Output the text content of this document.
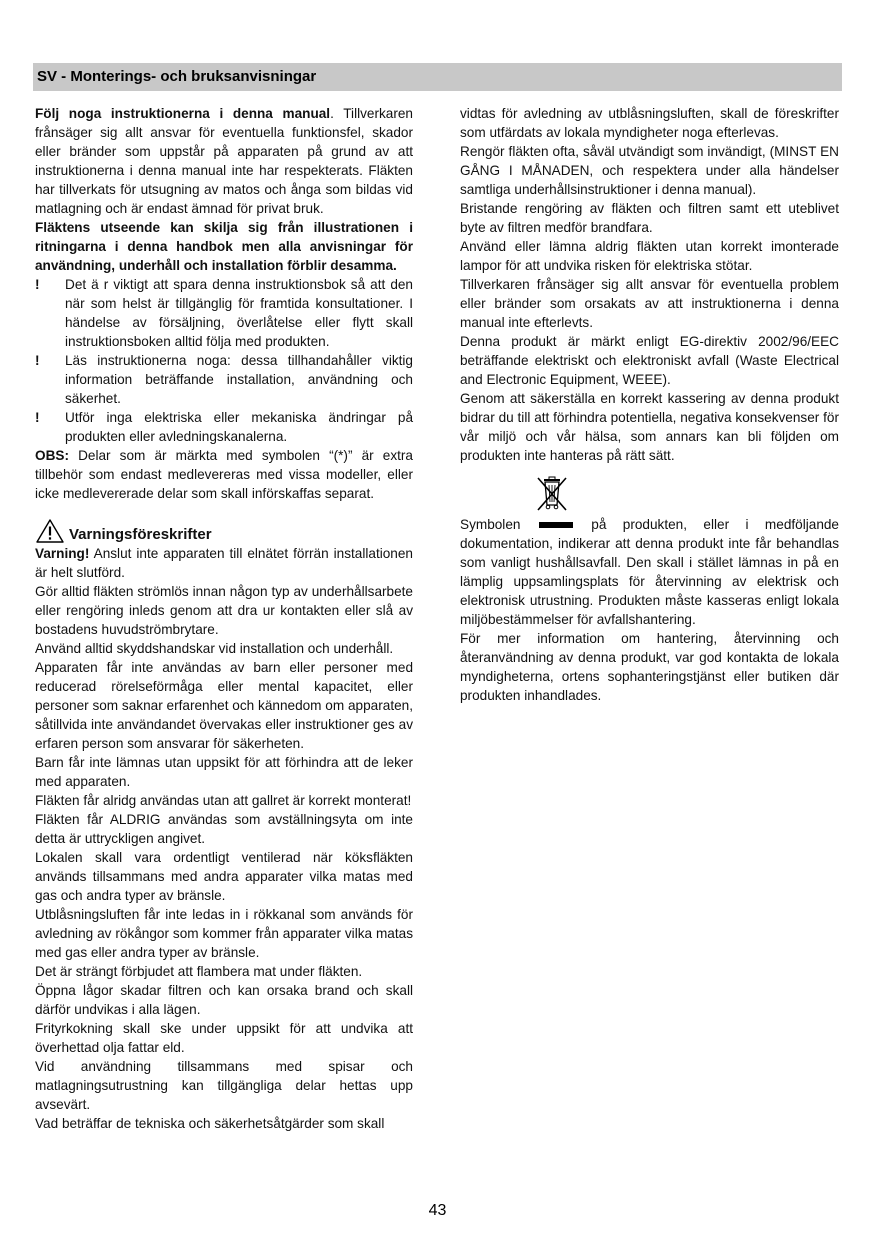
SV - Monterings- och bruksanvisningar

Följ noga instruktionerna i denna manual. Tillverkaren frånsäger sig allt ansvar för eventuella funktionsfel, skador eller bränder som uppstår på apparaten på grund av att instruktionerna i denna manual inte har respekterats. Fläkten har tillverkats för utsugning av matos och ånga som bildas vid matlagning och är endast ämnad för privat bruk.

Fläktens utseende kan skilja sig från illustrationen i ritningarna i denna handbok men alla anvisningar för användning, underhåll och installation förblir desamma.

!	Det ä r viktigt att spara denna instruktionsbok så att den när som helst är tillgänglig för framtida konsultationer. I händelse av försäljning, överlåtelse eller flytt skall instruktionsboken alltid följa med produkten.
!	Läs instruktionerna noga: dessa tillhandahåller viktig information beträffande installation, användning och säkerhet.
!	Utför inga elektriska eller mekaniska ändringar på produkten eller avledningskanalerna.

OBS: Delar som är märkta med symbolen “(*)” är extra tillbehör som endast medlevereras med vissa modeller, eller icke medlevererade delar som skall införskaffas separat.

Varningsföreskrifter

Varning! Anslut inte apparaten till elnätet förrän installationen är helt slutförd.

Gör alltid fläkten strömlös innan någon typ av underhållsarbete eller rengöring inleds genom att dra ur kontakten eller slå av bostadens huvudströmbrytare.

Använd alltid skyddshandskar vid installation och underhåll.

Apparaten får inte användas av barn eller personer med reducerad rörelseförmåga eller mental kapacitet, eller personer som saknar erfarenhet och kännedom om apparaten, såtillvida inte användandet övervakas eller instruktioner ges av erfaren person som ansvarar för säkerheten.

Barn får inte lämnas utan uppsikt för att förhindra att de leker med apparaten.

Fläkten får alridg användas utan att gallret är korrekt monterat!

Fläkten får ALDRIG användas som avställningsyta om inte detta är uttryckligen angivet.

Lokalen skall vara ordentligt ventilerad när köksfläkten används tillsammans med andra apparater vilka matas med gas och andra typer av bränsle.

Utblåsningsluften får inte ledas in i rökkanal som används för avledning av rökångor som kommer från apparater vilka matas med gas eller andra typer av bränsle.

Det är strängt förbjudet att flambera mat under fläkten.

Öppna lågor skadar filtren och kan orsaka brand och skall därför undvikas i alla lägen.

Frityrkokning skall ske under uppsikt för att undvika att överhettad olja fattar eld.

Vid användning tillsammans med spisar och matlagningsutrustning kan tillgängliga delar hettas upp avsevärt.

Vad beträffar de tekniska och säkerhetsåtgärder som skall

vidtas för avledning av utblåsningsluften, skall de föreskrifter som utfärdats av lokala myndigheter noga efterlevas.

Rengör fläkten ofta, såväl utvändigt som invändigt, (MINST EN GÅNG I MÅNADEN, och respektera under alla händelser samtliga underhållsinstruktioner i denna manual).

Bristande rengöring av fläkten och filtren samt ett uteblivet byte av filtren medför brandfara.

Använd eller lämna aldrig fläkten utan korrekt imonterade lampor för att undvika risken för elektriska stötar.

Tillverkaren frånsäger sig allt ansvar för eventuella problem eller bränder som orsakats av att instruktionerna i denna manual inte efterlevts.

Denna produkt är märkt enligt EG-direktiv 2002/96/EEC beträffande elektriskt och elektroniskt avfall (Waste Electrical and Electronic Equipment, WEEE).

Genom att säkerställa en korrekt kassering av denna produkt bidrar du till att förhindra potentiella, negativa konsekvenser för vår miljö och vår hälsa, som annars kan bli följden om produkten inte hanteras på rätt sätt.

Symbolen	på produkten, eller i medföljande dokumentation, indikerar att denna produkt inte får behandlas som vanligt hushållsavfall. Den skall i stället lämnas in på en lämplig uppsamlingsplats för återvinning av elektrisk och elektronisk utrustning. Produkten måste kasseras enligt lokala miljöbestämmelser för avfallshantering.

För mer information om hantering, återvinning och återanvändning av denna produkt, var god kontakta de lokala myndigheterna, ortens sophanteringstjänst eller butiken där produkten inhandlades.

43
